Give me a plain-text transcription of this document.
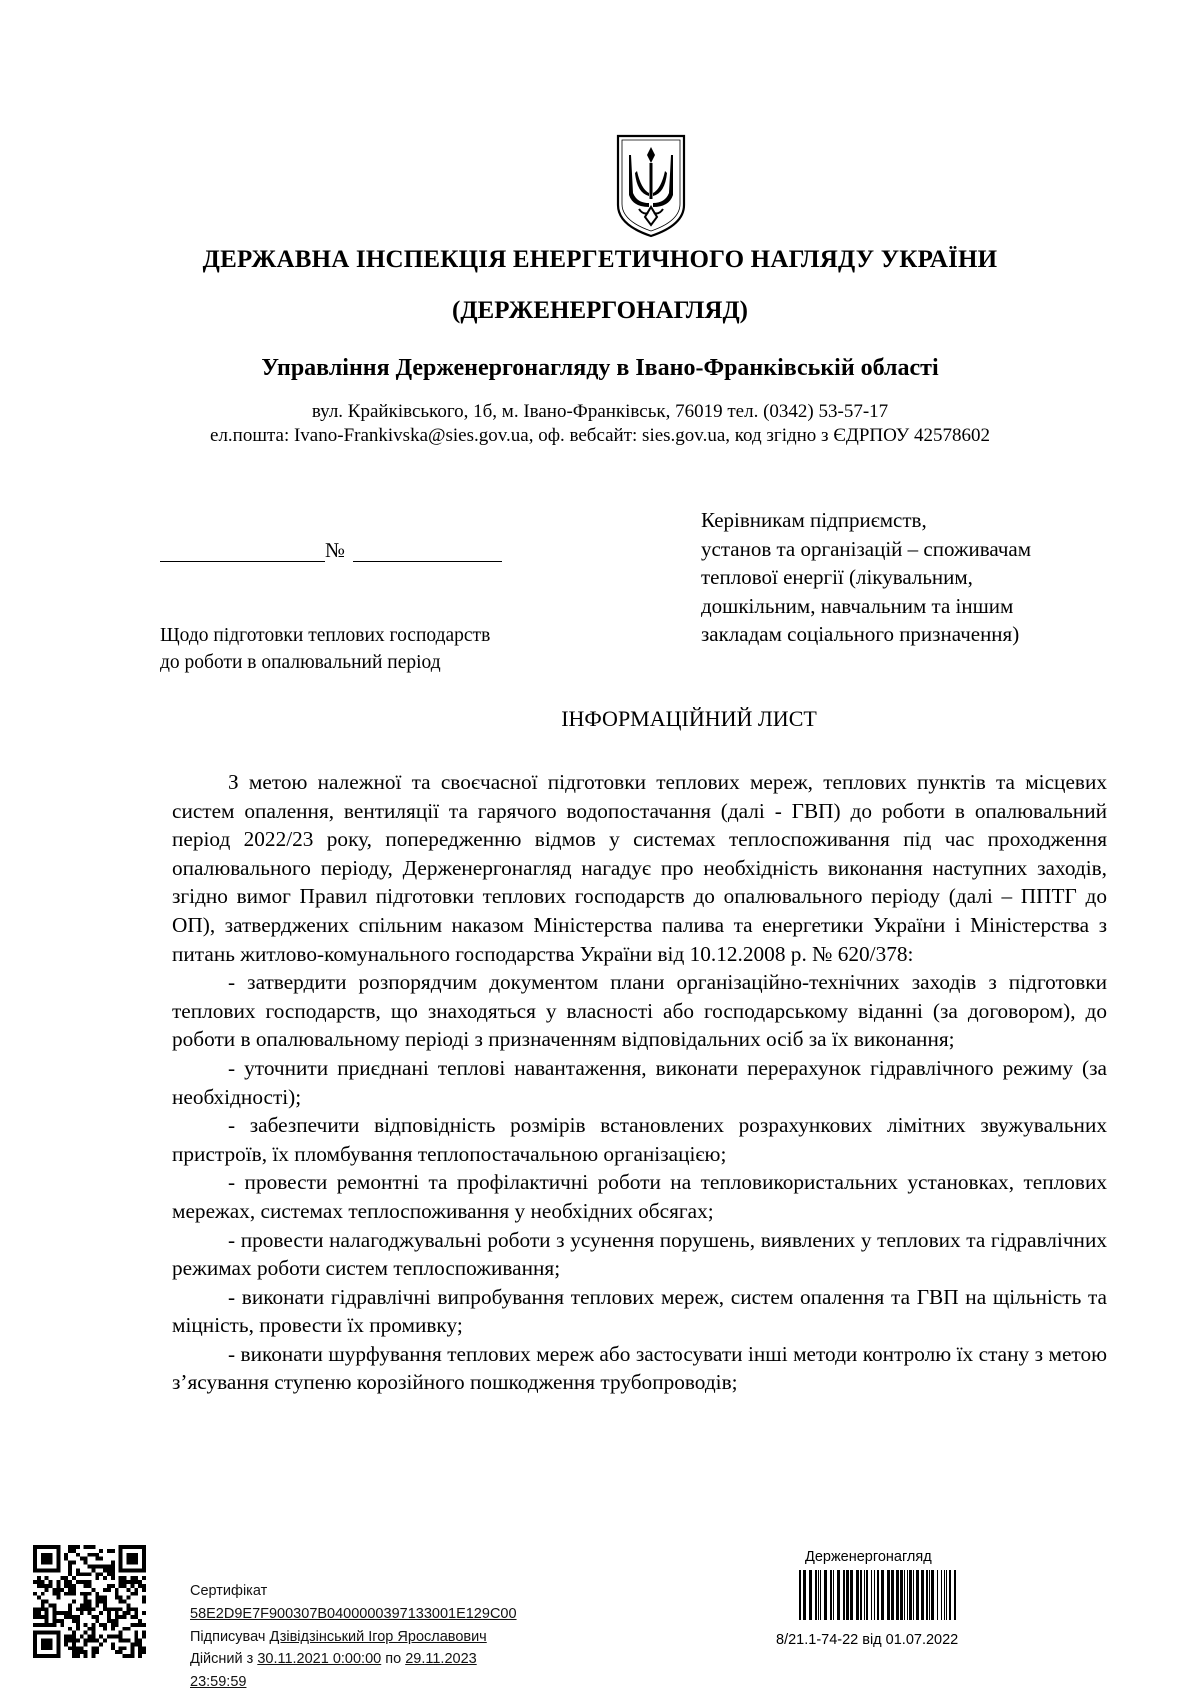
ДЕРЖАВНА ІНСПЕКЦІЯ ЕНЕРГЕТИЧНОГО НАГЛЯДУ УКРАЇНИ
(ДЕРЖЕНЕРГОНАГЛЯД)
Управління Держенергонагляду в Івано-Франківській області
вул. Крайківського, 1б, м. Івано-Франківськ, 76019 тел. (0342) 53-57-17
ел.пошта: Ivano-Frankivska@sies.gov.ua, оф. вебсайт: sies.gov.ua, код згідно з ЄДРПОУ 42578602
№
Щодо підготовки теплових господарств
до роботи в опалювальний період
Керівникам підприємств,
установ та організацій – споживачам
теплової енергії (лікувальним,
дошкільним, навчальним та іншим
закладам соціального призначення)
ІНФОРМАЦІЙНИЙ ЛИСТ

З метою належної та своєчасної підготовки теплових мереж, теплових пунктів та місцевих систем опалення, вентиляції та гарячого водопостачання (далі - ГВП) до роботи в опалювальний період 2022/23 року, попередженню відмов у системах теплоспоживання під час проходження опалювального періоду, Держенергонагляд нагадує про необхідність виконання наступних заходів, згідно вимог Правил підготовки теплових господарств до опалювального періоду (далі – ППТГ до ОП), затверджених спільним наказом Міністерства палива та енергетики України і Міністерства з питань житлово-комунального господарства України від 10.12.2008 р. № 620/378:

- затвердити розпорядчим документом плани організаційно-технічних заходів з підготовки теплових господарств, що знаходяться у власності або господарському віданні (за договором), до роботи в опалювальному періоді з призначенням відповідальних осіб за їх виконання;

- уточнити приєднані теплові навантаження, виконати перерахунок гідравлічного режиму (за необхідності);

- забезпечити відповідність розмірів встановлених розрахункових лімітних звужувальних пристроїв, їх пломбування теплопостачальною організацією;

- провести ремонтні та профілактичні роботи на тепловикористальних установках, теплових мережах, системах теплоспоживання у необхідних обсягах;

- провести налагоджувальні роботи з усунення порушень, виявлених у теплових та гідравлічних режимах роботи систем теплоспоживання;

- виконати гідравлічні випробування теплових мереж, систем опалення та ГВП на щільність та міцність, провести їх промивку;

- виконати шурфування теплових мереж або застосувати інші методи контролю їх стану з метою з’ясування ступеню корозійного пошкодження трубопроводів;

Сертифікат
58E2D9E7F900307B0400000397133001E129C00
Підписувач Дзівідзінський Ігор Ярославович
Дійсний з 30.11.2021 0:00:00 по 29.11.2023
23:59:59
Держенергонагляд
8/21.1-74-22 від 01.07.2022
